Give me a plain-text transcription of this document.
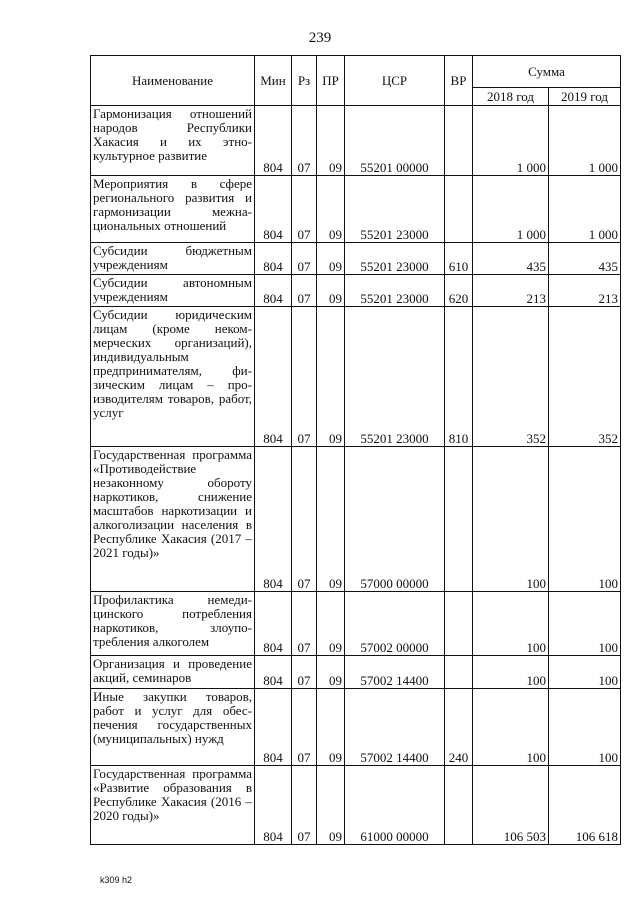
239
Наименование	Мин	Рз	ПР	ЦСР	ВР	Сумма	
						2018 год	2019 год
Гармонизация отношений народов Республики Хакасия и их этнокультурное развитие	804	07	09	55201 00000		1 000	1 000
Мероприятия в сфере регионального развития и гармонизации межнациональных отношений	804	07	09	55201 23000		1 000	1 000
Субсидии бюджетным учреждениям	804	07	09	55201 23000	610	435	435
Субсидии автономным учреждениям	804	07	09	55201 23000	620	213	213
Субсидии юридическим лицам (кроме некоммерческих организаций), индивидуальным предпринимателям, физическим лицам – производителям товаров, работ, услуг	804	07	09	55201 23000	810	352	352
Государственная программа «Противодействие незаконному обороту наркотиков, снижение масштабов наркотизации и алкоголизации населения в Республике Хакасия (2017 – 2021 годы)»	804	07	09	57000 00000		100	100
Профилактика немедицинского потребления наркотиков, злоупотребления алкоголем	804	07	09	57002 00000		100	100
Организация и проведение акций, семинаров	804	07	09	57002 14400		100	100
Иные закупки товаров, работ и услуг для обеспечения государственных (муниципальных) нужд	804	07	09	57002 14400	240	100	100
Государственная программа «Развитие образования в Республике Хакасия (2016 – 2020 годы)»	804	07	09	61000 00000		106 503	106 618
k309 h2
